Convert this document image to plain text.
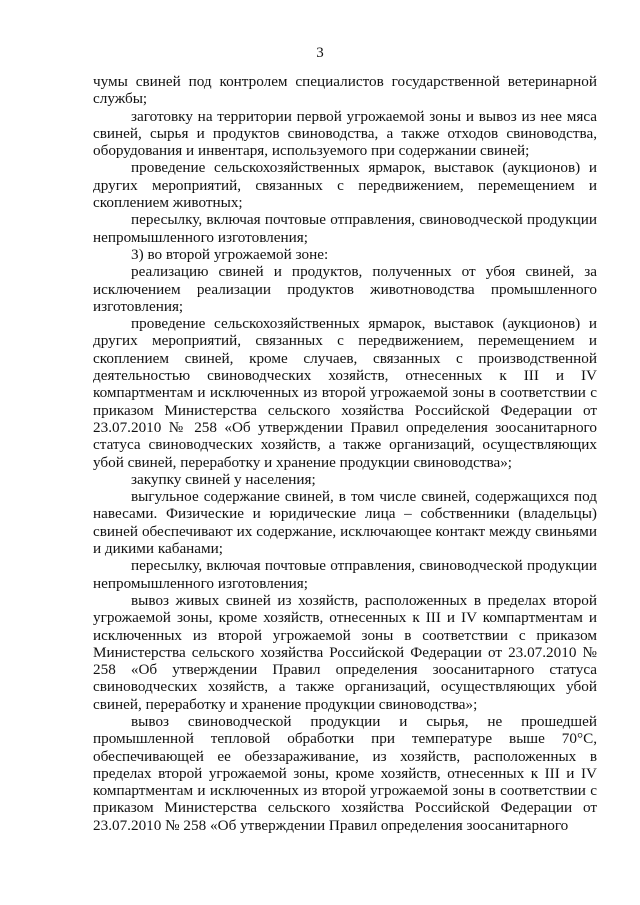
3

чумы свиней под контролем специалистов государственной ветеринарной службы;

заготовку на территории первой угрожаемой зоны и вывоз из нее мяса свиней, сырья и продуктов свиноводства, а также отходов свиноводства, оборудования и инвентаря, используемого при содержании свиней;

проведение сельскохозяйственных ярмарок, выставок (аукционов) и других мероприятий, связанных с передвижением, перемещением и скоплением животных;

пересылку, включая почтовые отправления, свиноводческой продукции непромышленного изготовления;

3) во второй угрожаемой зоне:

реализацию свиней и продуктов, полученных от убоя свиней, за исключением реализации продуктов животноводства промышленного изготовления;

проведение сельскохозяйственных ярмарок, выставок (аукционов) и других мероприятий, связанных с передвижением, перемещением и скоплением свиней, кроме случаев, связанных с производственной деятельностью свиноводческих хозяйств, отнесенных к III и IV компартментам и исключенных из второй угрожаемой зоны в соответствии с приказом Министерства сельского хозяйства Российской Федерации от 23.07.2010 № 258 «Об утверждении Правил определения зоосанитарного статуса свиноводческих хозяйств, а также организаций, осуществляющих убой свиней, переработку и хранение продукции свиноводства»;

закупку свиней у населения;

выгульное содержание свиней, в том числе свиней, содержащихся под навесами. Физические и юридические лица – собственники (владельцы) свиней обеспечивают их содержание, исключающее контакт между свиньями и дикими кабанами;

пересылку, включая почтовые отправления, свиноводческой продукции непромышленного изготовления;

вывоз живых свиней из хозяйств, расположенных в пределах второй угрожаемой зоны, кроме хозяйств, отнесенных к III и IV компартментам и исключенных из второй угрожаемой зоны в соответствии с приказом Министерства сельского хозяйства Российской Федерации от 23.07.2010 № 258 «Об утверждении Правил определения зоосанитарного статуса свиноводческих хозяйств, а также организаций, осуществляющих убой свиней, переработку и хранение продукции свиноводства»;

вывоз свиноводческой продукции и сырья, не прошедшей промышленной тепловой обработки при температуре выше 70°С, обеспечивающей ее обеззараживание, из хозяйств, расположенных в пределах второй угрожаемой зоны, кроме хозяйств, отнесенных к III и IV компартментам и исключенных из второй угрожаемой зоны в соответствии с приказом Министерства сельского хозяйства Российской Федерации от 23.07.2010 № 258 «Об утверждении Правил определения зоосанитарного
